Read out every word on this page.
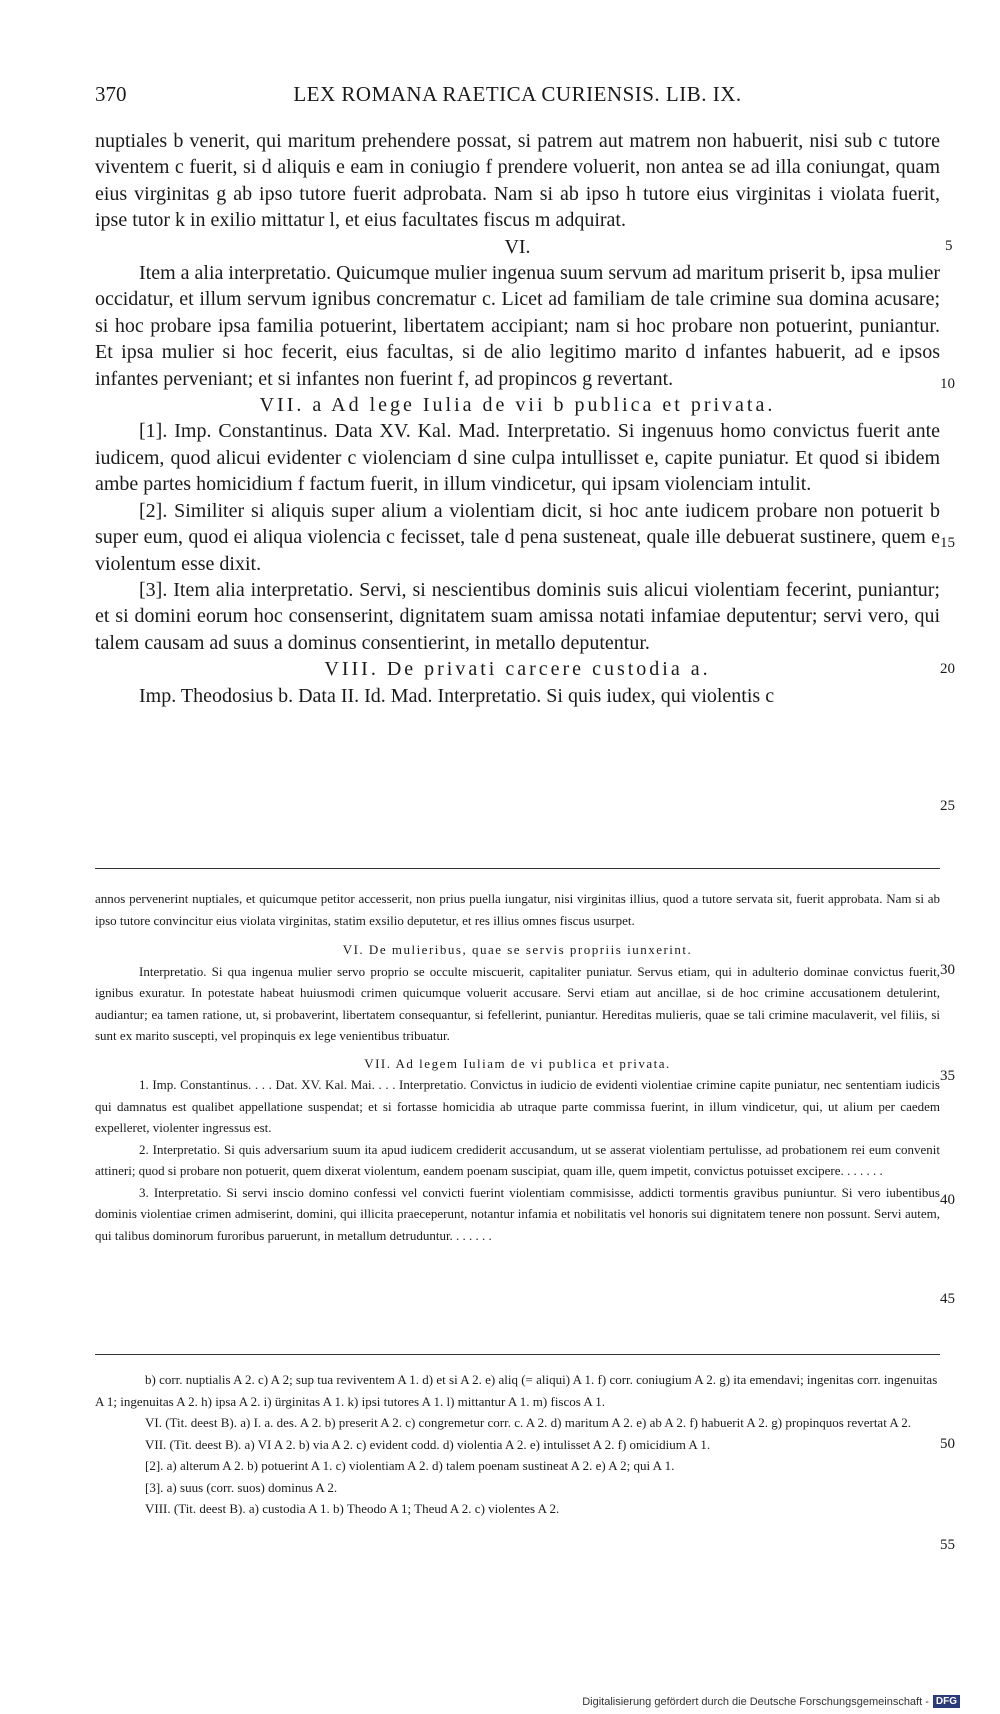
370	LEX ROMANA RAETICA CURIENSIS. LIB. IX.

nuptiales b venerit, qui maritum prehendere possat, si patrem aut matrem non habuerit, nisi sub c tutore viventem c fuerit, si d aliquis e eam in coniugio f prendere voluerit, non antea se ad illa coniungat, quam eius virginitas g ab ipso tutore fuerit adprobata. Nam si ab ipso h tutore eius virginitas i violata fuerit, ipse tutor k in exilio mittatur l, et eius facultates fiscus m adquirat.

VI.

Item a alia interpretatio. Quicumque mulier ingenua suum servum ad maritum priserit b, ipsa mulier occidatur, et illum servum ignibus concrematur c. Licet ad familiam de tale crimine sua domina acusare; si hoc probare ipsa familia potuerint, libertatem accipiant; nam si hoc probare non potuerint, puniantur. Et ipsa mulier si hoc fecerit, eius facultas, si de alio legitimo marito d infantes habuerit, ad e ipsos infantes perveniant; et si infantes non fuerint f, ad propincos g revertant.

VII. a Ad lege Iulia de vii b publica et privata.

[1]. Imp. Constantinus. Data XV. Kal. Mad. Interpretatio. Si ingenuus homo convictus fuerit ante iudicem, quod alicui evidenter c violenciam d sine culpa intullisset e, capite puniatur. Et quod si ibidem ambe partes homicidium f factum fuerit, in illum vindicetur, qui ipsam violenciam intulit.

[2]. Similiter si aliquis super alium a violentiam dicit, si hoc ante iudicem probare non potuerit b super eum, quod ei aliqua violencia c fecisset, tale d pena susteneat, quale ille debuerat sustinere, quem e violentum esse dixit.

[3]. Item alia interpretatio. Servi, si nescientibus dominis suis alicui violentiam fecerint, puniantur; et si domini eorum hoc consenserint, dignitatem suam amissa notati infamiae deputentur; servi vero, qui talem causam ad suus a dominus consentierint, in metallo deputentur.

VIII. De privati carcere custodia a.

Imp. Theodosius b. Data II. Id. Mad. Interpretatio. Si quis iudex, qui violentis c

annos pervenerint nuptiales, et quicumque petitor accesserit, non prius puella iungatur, nisi virginitas illius, quod a tutore servata sit, fuerit approbata. Nam si ab ipso tutore convincitur eius violata virginitas, statim exsilio deputetur, et res illius omnes fiscus usurpet.

VI. De mulieribus, quae se servis propriis iunxerint.

Interpretatio. Si qua ingenua mulier servo proprio se occulte miscuerit, capitaliter puniatur. Servus etiam, qui in adulterio dominae convictus fuerit, ignibus exuratur. In potestate habeat huiusmodi crimen quicumque voluerit accusare. Servi etiam aut ancillae, si de hoc crimine accusationem detulerint, audiantur; ea tamen ratione, ut, si probaverint, libertatem consequantur, si fefellerint, puniantur. Hereditas mulieris, quae se tali crimine maculaverit, vel filiis, si sunt ex marito suscepti, vel propinquis ex lege venientibus tribuatur.

VII. Ad legem Iuliam de vi publica et privata.

1. Imp. Constantinus. . . . Dat. XV. Kal. Mai. . . . Interpretatio. Convictus in iudicio de evidenti violentiae crimine capite puniatur, nec sententiam iudicis qui damnatus est qualibet appellatione suspendat; et si fortasse homicidia ab utraque parte commissa fuerint, in illum vindicetur, qui, ut alium per caedem expelleret, violenter ingressus est.

2. Interpretatio. Si quis adversarium suum ita apud iudicem crediderit accusandum, ut se asserat violentiam pertulisse, ad probationem rei eum convenit attineri; quod si probare non potuerit, quem dixerat violentum, eandem poenam suscipiat, quam ille, quem impetit, convictus potuisset excipere. . . . . . .

3. Interpretatio. Si servi inscio domino confessi vel convicti fuerint violentiam commisisse, addicti tormentis gravibus puniuntur. Si vero iubentibus dominis violentiae crimen admiserint, domini, qui illicita praeceperunt, notantur infamia et nobilitatis vel honoris sui dignitatem tenere non possunt. Servi autem, qui talibus dominorum furoribus paruerunt, in metallum detruduntur. . . . . . .

b) corr. nuptialis A 2. c) A 2; sup tua reviventem A 1. d) et si A 2. e) aliq (= aliqui) A 1. f) corr. coniugium A 2. g) ita emendavi; ingenitas corr. ingenuitas A 1; ingenuitas A 2. h) ipsa A 2. i) ürginitas A 1. k) ipsi tutores A 1. l) mittantur A 1. m) fiscos A 1.

VI. (Tit. deest B). a) I. a. des. A 2. b) preserit A 2. c) congremetur corr. c. A 2. d) maritum A 2. e) ab A 2. f) habuerit A 2. g) propinquos revertat A 2.

VII. (Tit. deest B). a) VI A 2. b) via A 2. c) evident codd. d) violentia A 2. e) intulisset A 2. f) omicidium A 1.

[2]. a) alterum A 2. b) potuerint A 1. c) violentiam A 2. d) talem poenam sustineat A 2. e) A 2; qui A 1.

[3]. a) suus (corr. suos) dominus A 2.

VIII. (Tit. deest B). a) custodia A 1. b) Theodo A 1; Theud A 2. c) violentes A 2.

5
10
15
20
25
30
35
40
45
50
55
Digitalisierung gefördert durch die Deutsche Forschungsgemeinschaft - DFG
